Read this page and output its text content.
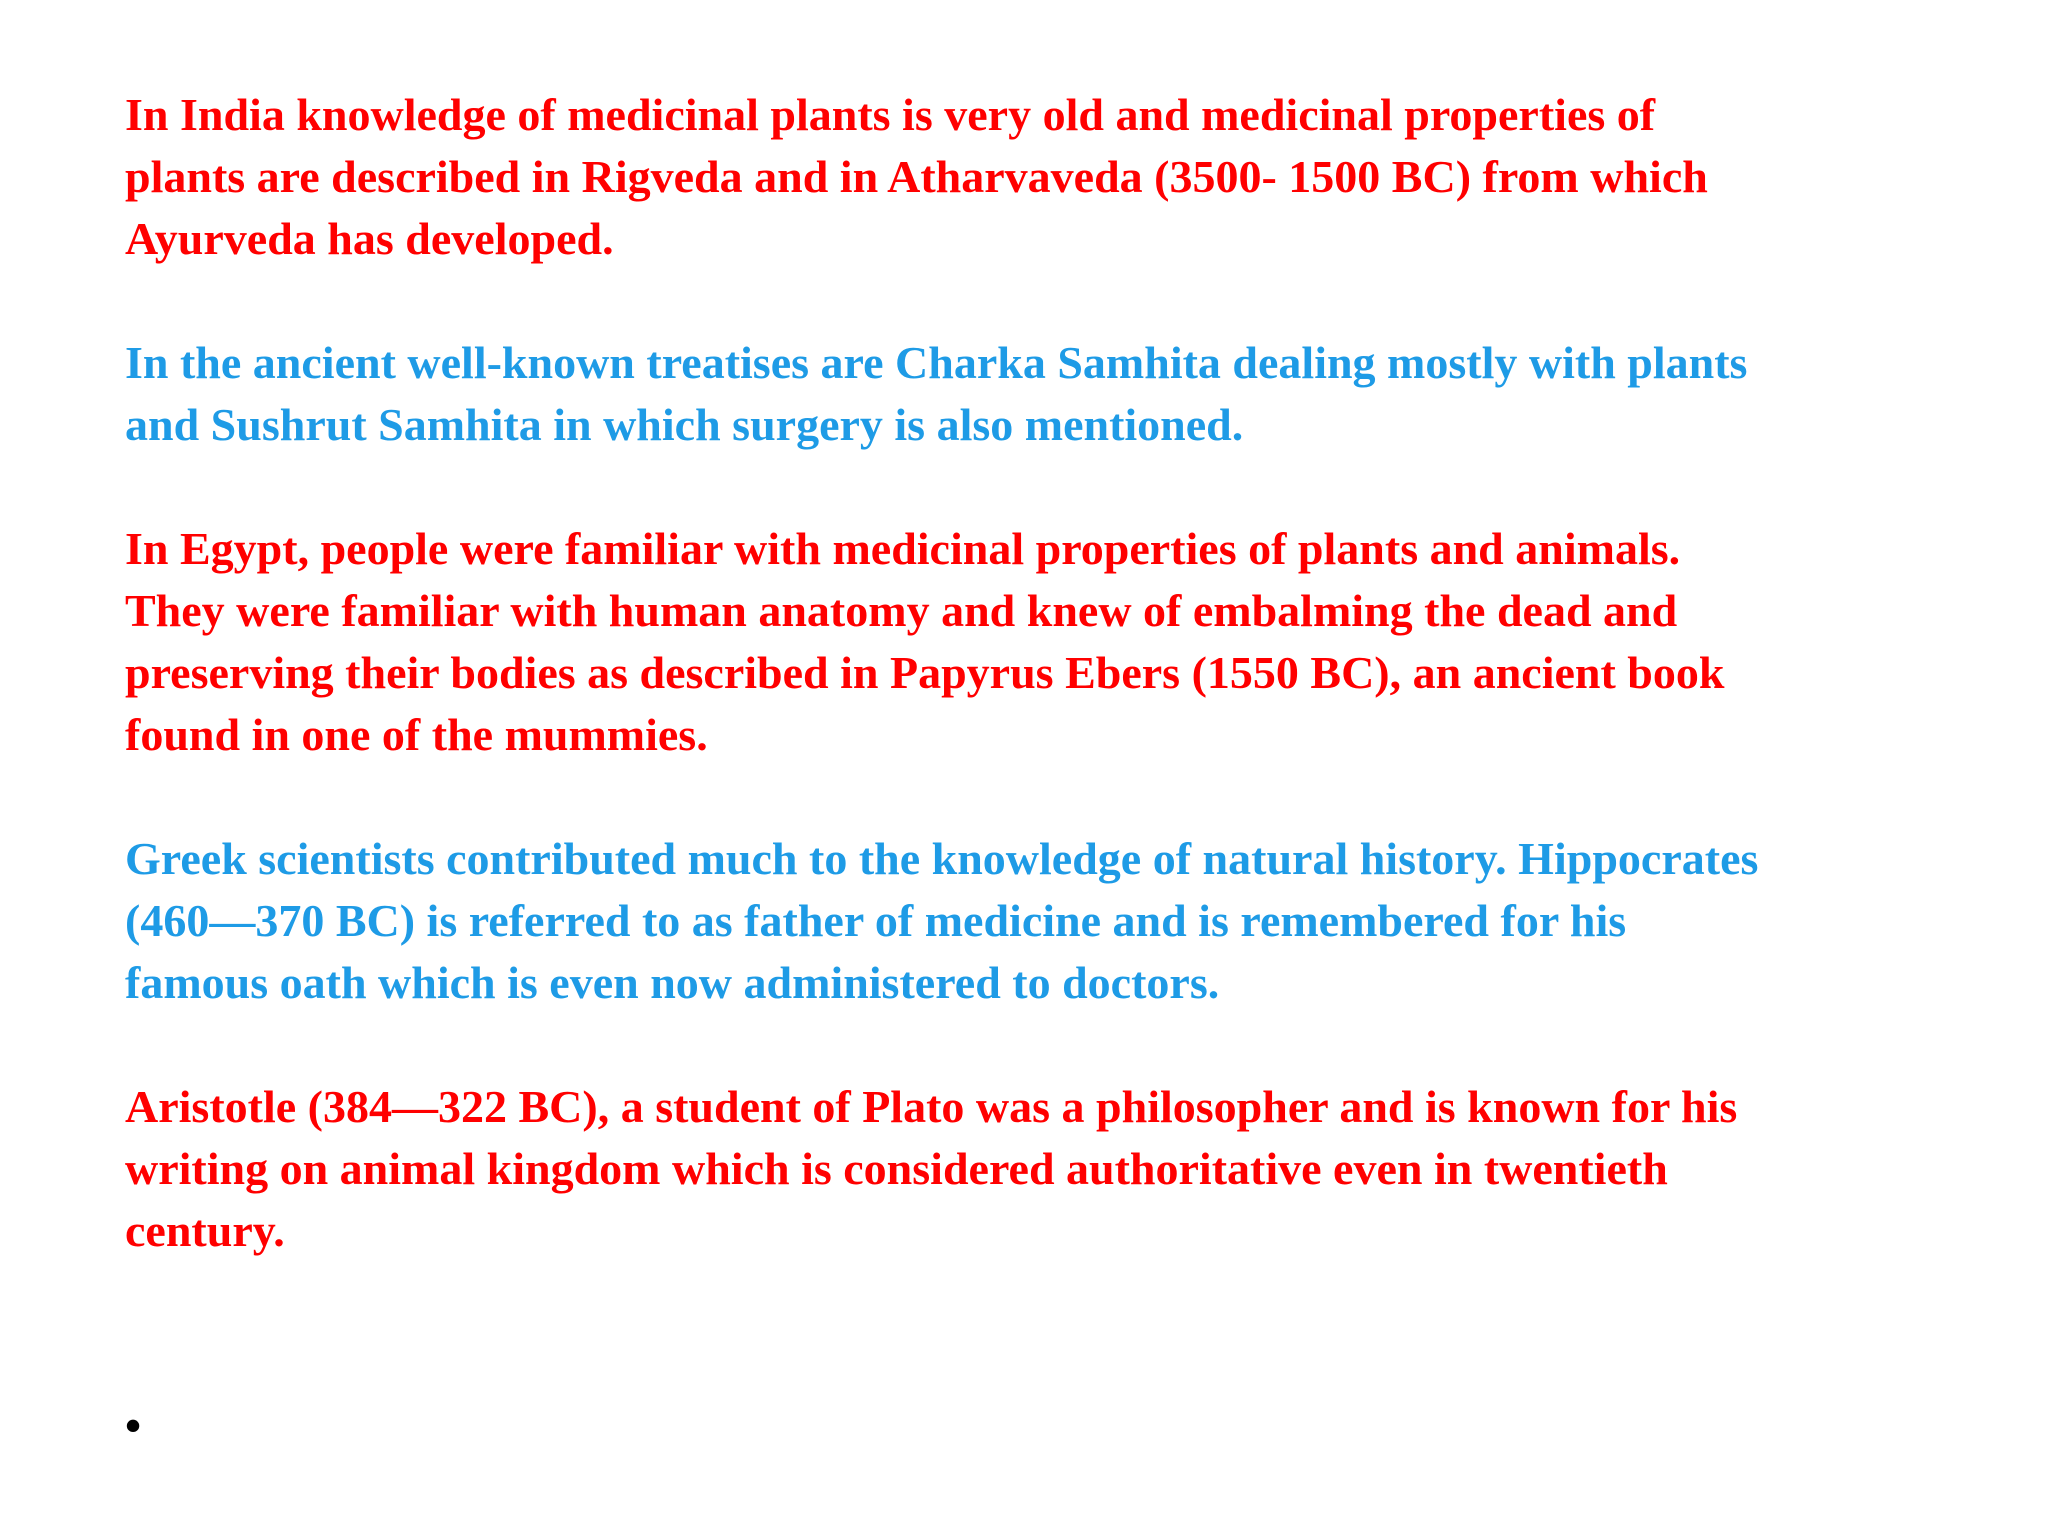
In India knowledge of medicinal plants is very old and medicinal properties of
plants are described in Rigveda and in Atharvaveda (3500- 1500 BC) from which
Ayurveda has developed.

In the ancient well-known treatises are Charka Samhita dealing mostly with plants
and Sushrut Samhita in which surgery is also mentioned.

In Egypt, people were familiar with medicinal properties of plants and animals.
They were familiar with human anatomy and knew of embalming the dead and
preserving their bodies as described in Papyrus Ebers (1550 BC), an ancient book
found in one of the mummies.

Greek scientists contributed much to the knowledge of natural history. Hippocrates
(460—370 BC) is referred to as father of medicine and is remembered for his
famous oath which is even now administered to doctors.

Aristotle (384—322 BC), a student of Plato was a philosopher and is known for his
writing on animal kingdom which is considered authoritative even in twentieth
century.

•
